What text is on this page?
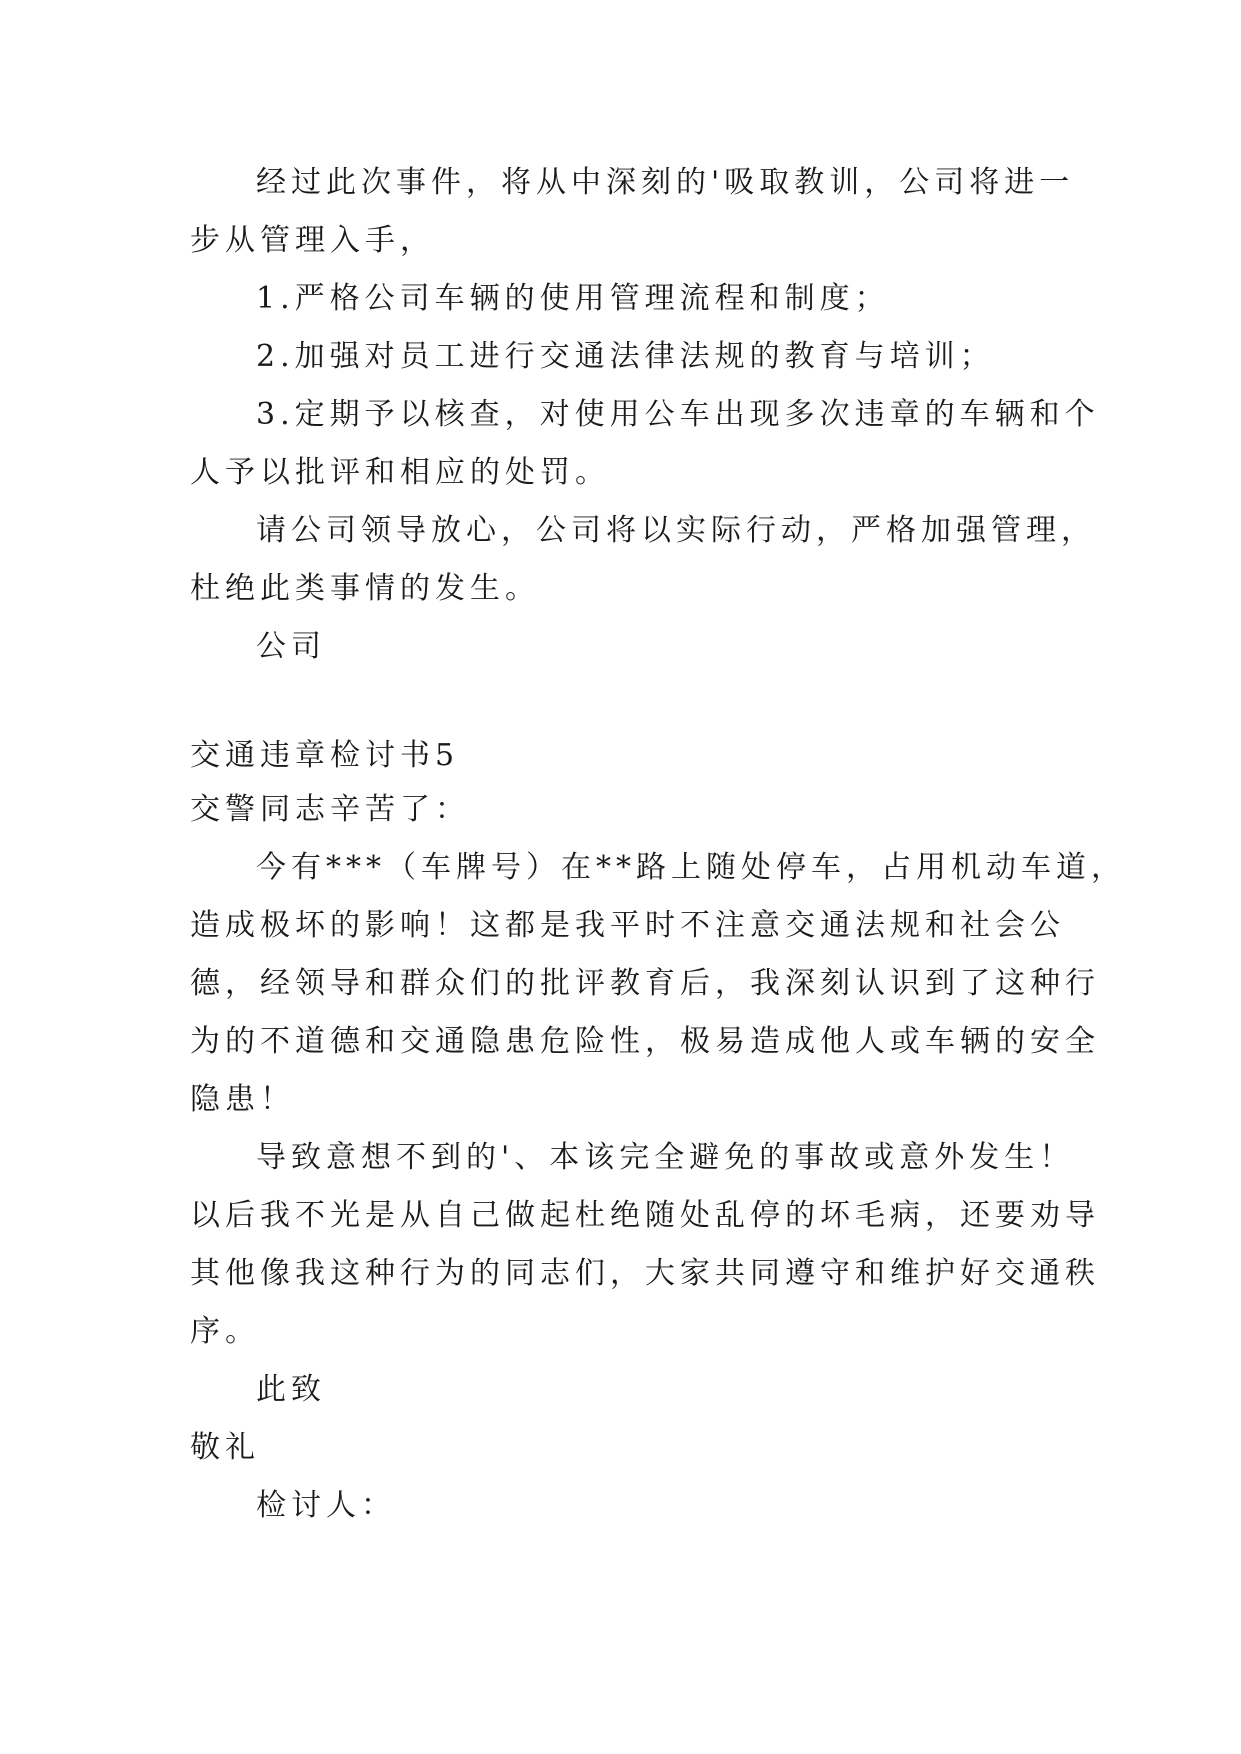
经过此次事件，将从中深刻的'吸取教训，公司将进一

步从管理入手，

1.严格公司车辆的使用管理流程和制度；

2.加强对员工进行交通法律法规的教育与培训；

3.定期予以核查，对使用公车出现多次违章的车辆和个

人予以批评和相应的处罚。

请公司领导放心，公司将以实际行动，严格加强管理，

杜绝此类事情的发生。

公司

交通违章检讨书5

交警同志辛苦了：

今有***（车牌号）在**路上随处停车，占用机动车道，

造成极坏的影响！这都是我平时不注意交通法规和社会公

德，经领导和群众们的批评教育后，我深刻认识到了这种行

为的不道德和交通隐患危险性，极易造成他人或车辆的安全

隐患！

导致意想不到的'、本该完全避免的事故或意外发生！

以后我不光是从自己做起杜绝随处乱停的坏毛病，还要劝导

其他像我这种行为的同志们，大家共同遵守和维护好交通秩

序。

此致

敬礼

检讨人：
